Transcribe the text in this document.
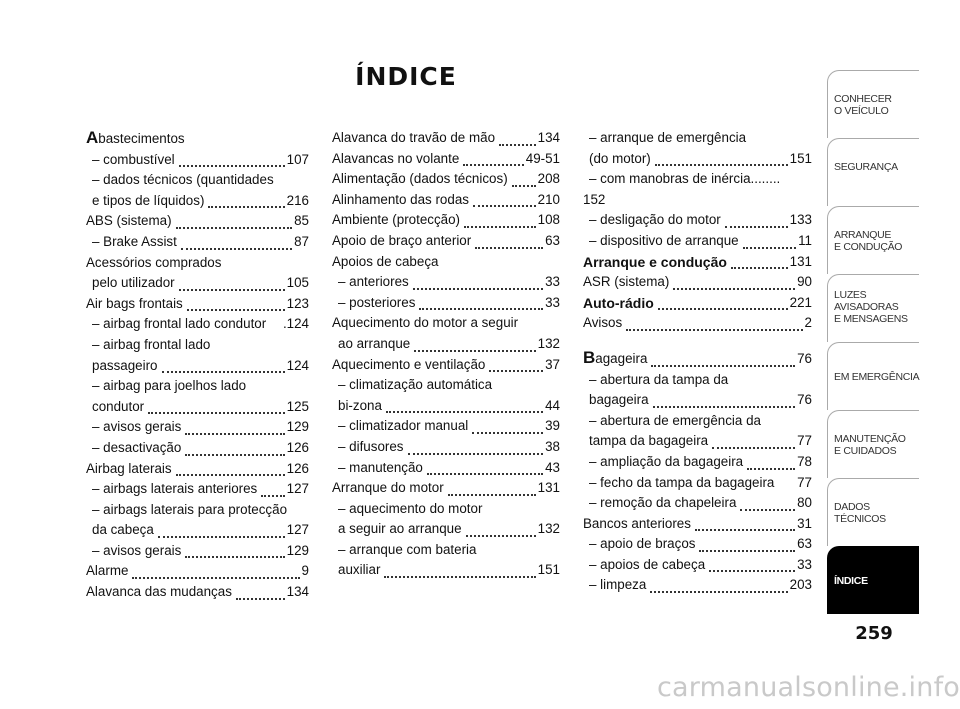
ÍNDICE
Abastecimentos
– combustível	107
– dados técnicos (quantidades
e tipos de líquidos)	216
ABS (sistema)	85
– Brake Assist	87
Acessórios comprados
pelo utilizador	105
Air bags frontais	123
– airbag frontal lado condutor .124
– airbag frontal lado
passageiro	124
– airbag para joelhos lado
condutor	125
– avisos gerais	129
– desactivação	126
Airbag laterais	126
– airbags laterais anteriores 127
– airbags laterais para protecção
da cabeça	127
– avisos gerais	129
Alarme	9
Alavanca das mudanças	134
Alavanca do travão de mão	134
Alavancas no volante	49-51
Alimentação (dados técnicos) 208
Alinhamento das rodas	210
Ambiente (protecção)	108
Apoio de braço anterior	63
Apoios de cabeça
– anteriores	33
– posteriores	33
Aquecimento do motor a seguir
ao arranque	132
Aquecimento e ventilação	37
– climatização automática
bi-zona	44
– climatizador manual	39
– difusores	38
– manutenção	43
Arranque do motor	131
– aquecimento do motor
a seguir ao arranque	132
– arranque com bateria
auxiliar	151
– arranque de emergência
(do motor)	151
– com manobras de inércia........
152
– desligação do motor	133
– dispositivo de arranque	11
Arranque e condução	131
ASR (sistema)	90
Auto-rádio	221
Avisos	2
Bagageira	76
– abertura da tampa da
bagageira	76
– abertura de emergência da
tampa da bagageira	77
– ampliação da bagageira	78
– fecho da tampa da bagageira 77
– remoção da chapeleira	80
Bancos anteriores	31
– apoio de braços	63
– apoios de cabeça	33
– limpeza	203
CONHECER
O VEÍCULO
SEGURANÇA
ARRANQUE
E CONDUÇÃO
LUZES
AVISADORAS
E MENSAGENS
EM EMERGÊNCIA
MANUTENÇÃO
E CUIDADOS
DADOS
TÉCNICOS
ÍNDICE
259
carmanualsonline.info
